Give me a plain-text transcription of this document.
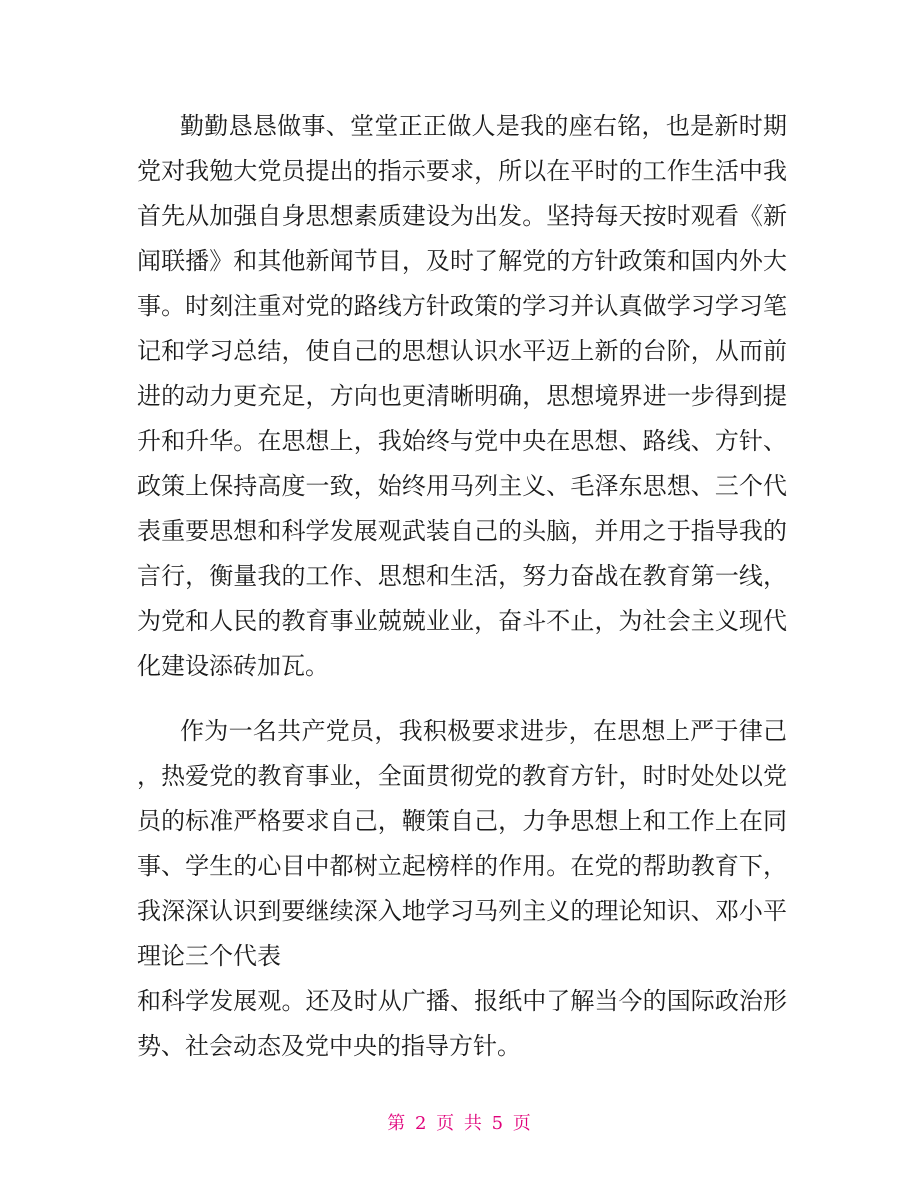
勤勤恳恳做事、堂堂正正做人是我的座右铭，也是新时期
党对我勉大党员提出的指示要求，所以在平时的工作生活中我
首先从加强自身思想素质建设为出发。坚持每天按时观看《新
闻联播》和其他新闻节目，及时了解党的方针政策和国内外大
事。时刻注重对党的路线方针政策的学习并认真做学习学习笔
记和学习总结，使自己的思想认识水平迈上新的台阶，从而前
进的动力更充足，方向也更清晰明确，思想境界进一步得到提
升和升华。在思想上，我始终与党中央在思想、路线、方针、
政策上保持高度一致，始终用马列主义、毛泽东思想、三个代
表重要思想和科学发展观武装自己的头脑，并用之于指导我的
言行，衡量我的工作、思想和生活，努力奋战在教育第一线，
为党和人民的教育事业兢兢业业，奋斗不止，为社会主义现代
化建设添砖加瓦。
作为一名共产党员，我积极要求进步，在思想上严于律己
，热爱党的教育事业，全面贯彻党的教育方针，时时处处以党
员的标准严格要求自己，鞭策自己，力争思想上和工作上在同
事、学生的心目中都树立起榜样的作用。在党的帮助教育下，
我深深认识到要继续深入地学习马列主义的理论知识、邓小平
理论三个代表
和科学发展观。还及时从广播、报纸中了解当今的国际政治形
势、社会动态及党中央的指导方针。
第 2 页 共 5 页
